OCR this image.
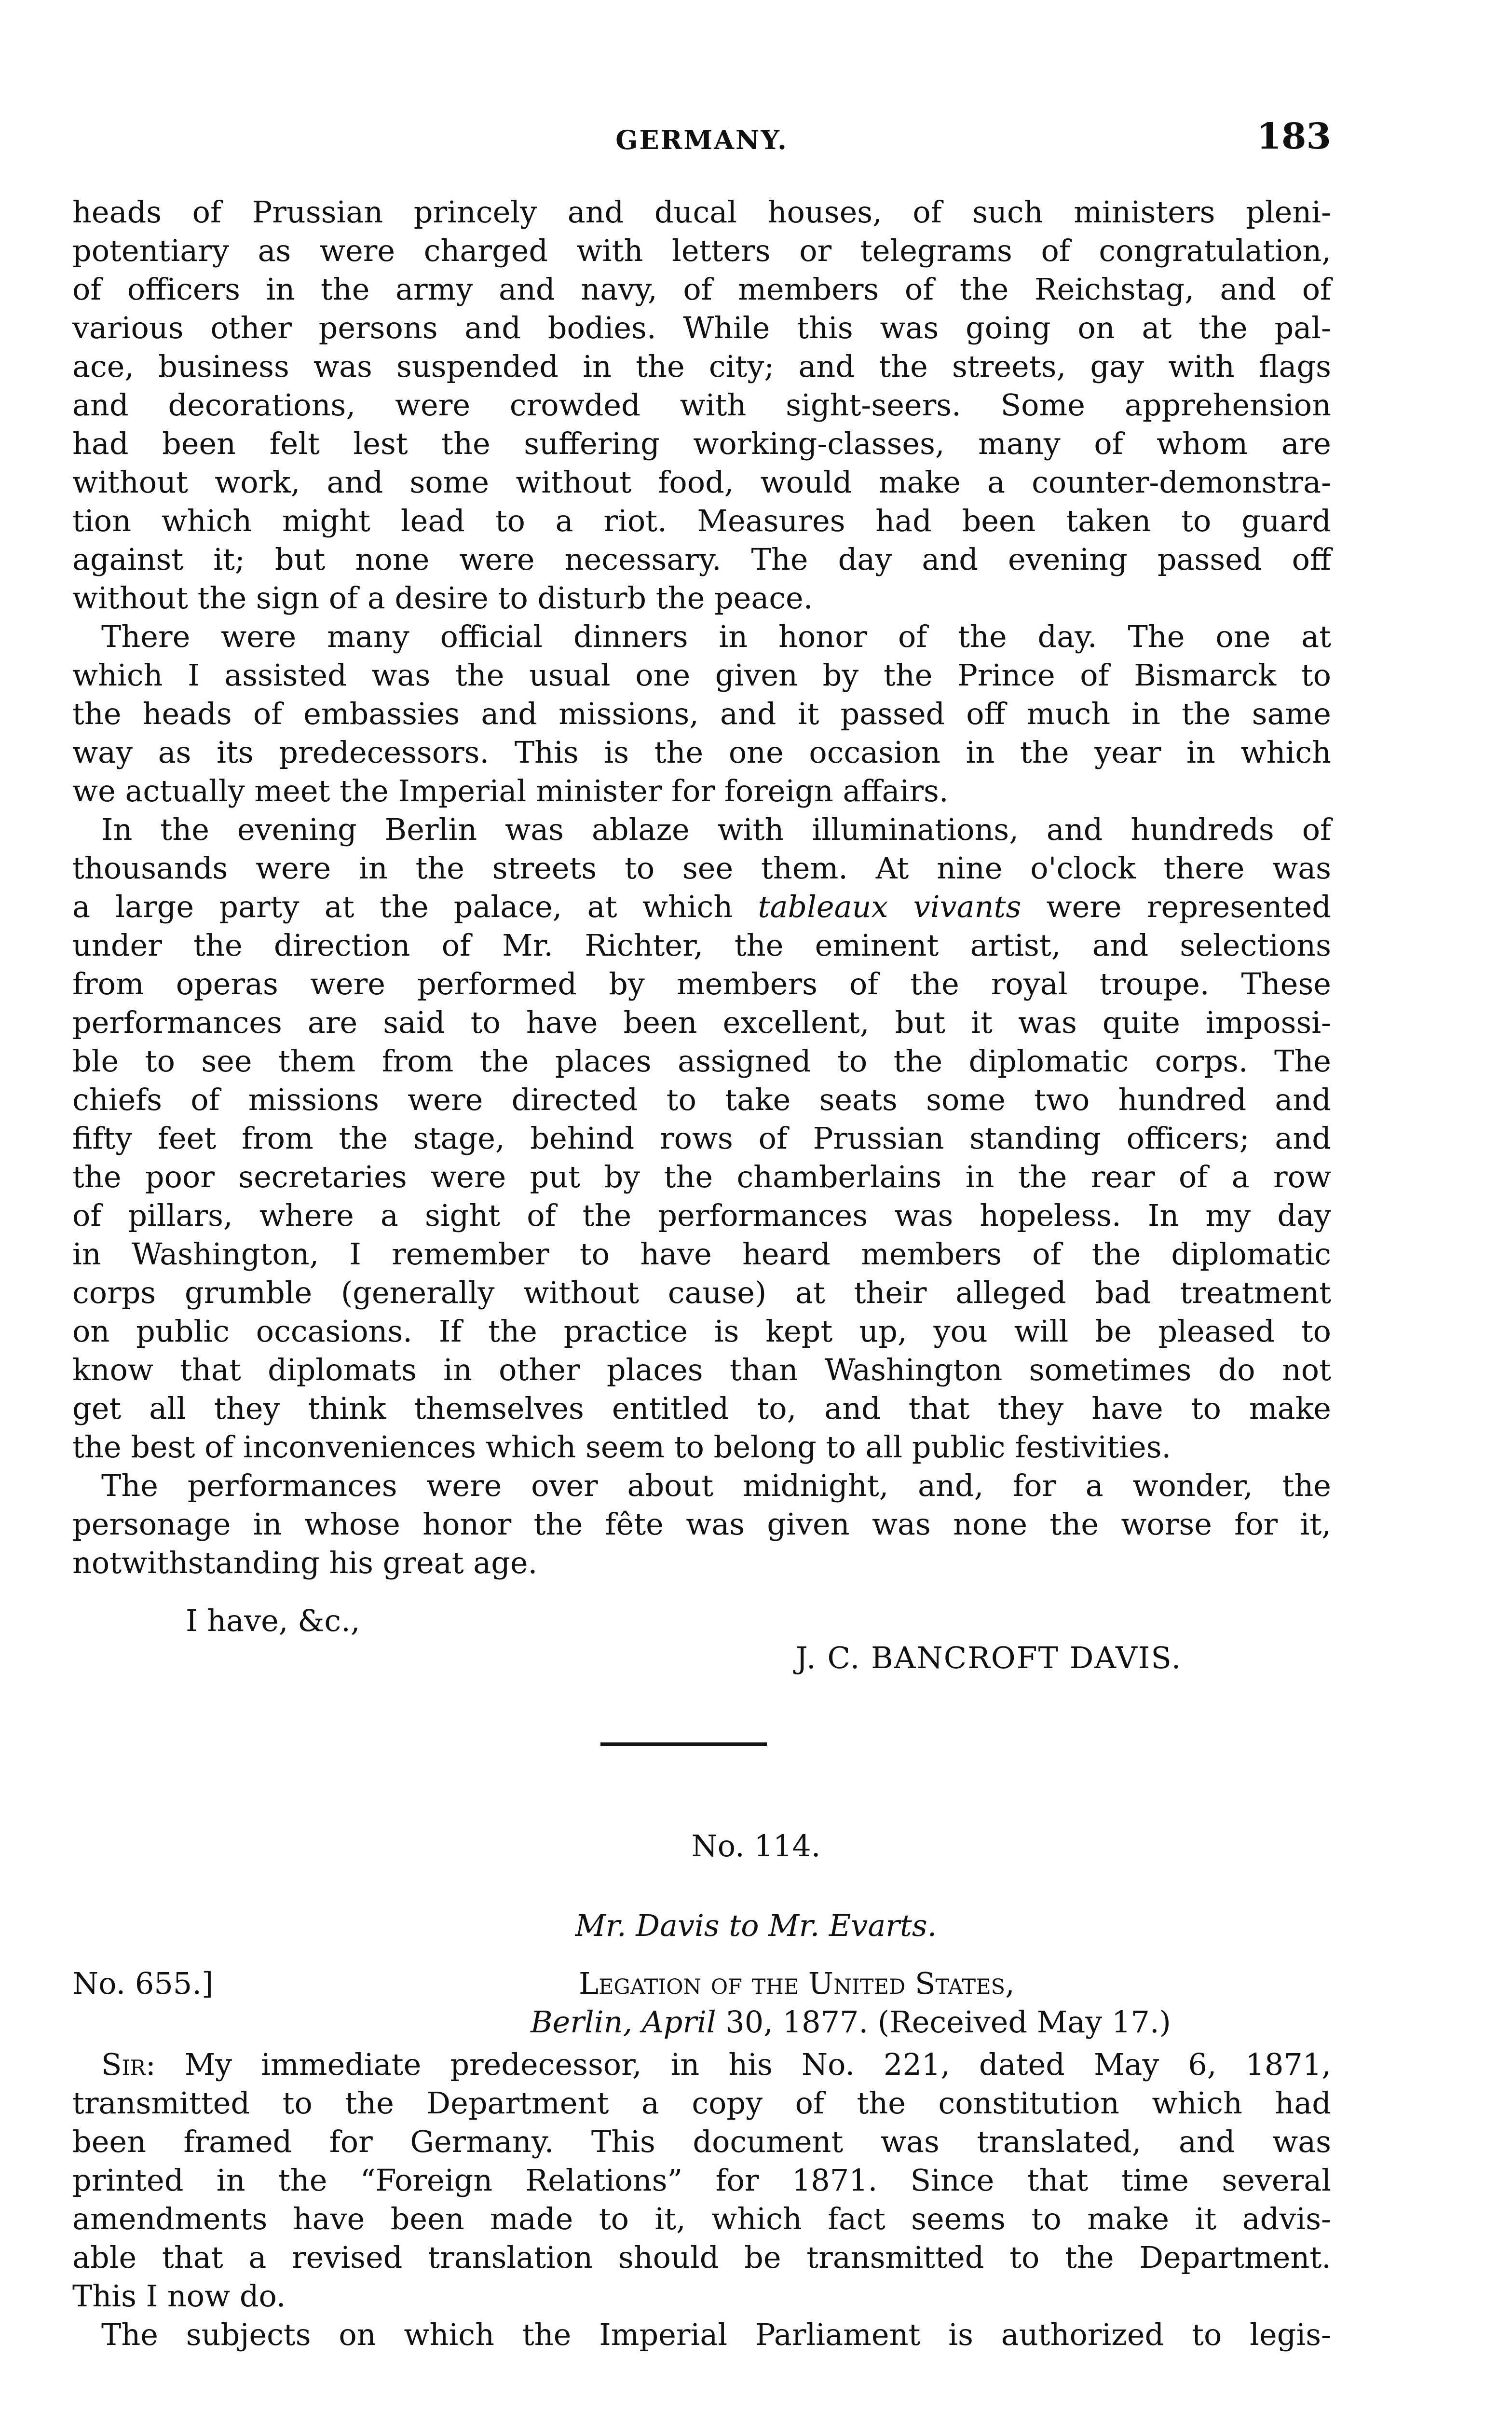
GERMANY.	183
heads of Prussian princely and ducal houses, of such ministers pleni-
potentiary as were charged with letters or telegrams of congratulation,
of officers in the army and navy, of members of the Reichstag, and of
various other persons and bodies. While this was going on at the pal-
ace, business was suspended in the city; and the streets, gay with flags
and decorations, were crowded with sight-seers. Some apprehension
had been felt lest the suffering working-classes, many of whom are
without work, and some without food, would make a counter-demonstra-
tion which might lead to a riot. Measures had been taken to guard
against it; but none were necessary. The day and evening passed off
without the sign of a desire to disturb the peace.
There were many official dinners in honor of the day. The one at
which I assisted was the usual one given by the Prince of Bismarck to
the heads of embassies and missions, and it passed off much in the same
way as its predecessors. This is the one occasion in the year in which
we actually meet the Imperial minister for foreign affairs.
In the evening Berlin was ablaze with illuminations, and hundreds of
thousands were in the streets to see them. At nine o'clock there was
a large party at the palace, at which tableaux vivants were represented
under the direction of Mr. Richter, the eminent artist, and selections
from operas were performed by members of the royal troupe. These
performances are said to have been excellent, but it was quite impossi-
ble to see them from the places assigned to the diplomatic corps. The
chiefs of missions were directed to take seats some two hundred and
fifty feet from the stage, behind rows of Prussian standing officers; and
the poor secretaries were put by the chamberlains in the rear of a row
of pillars, where a sight of the performances was hopeless. In my day
in Washington, I remember to have heard members of the diplomatic
corps grumble (generally without cause) at their alleged bad treatment
on public occasions. If the practice is kept up, you will be pleased to
know that diplomats in other places than Washington sometimes do not
get all they think themselves entitled to, and that they have to make
the best of inconveniences which seem to belong to all public festivities.
The performances were over about midnight, and, for a wonder, the
personage in whose honor the fête was given was none the worse for it,
notwithstanding his great age.
I have, &c.,
J. C. BANCROFT DAVIS.
No. 114.
Mr. Davis to Mr. Evarts.
No. 655.]	Legation of the United States,
Berlin, April 30, 1877. (Received May 17.)
Sir: My immediate predecessor, in his No. 221, dated May 6, 1871,
transmitted to the Department a copy of the constitution which had
been framed for Germany. This document was translated, and was
printed in the “Foreign Relations” for 1871. Since that time several
amendments have been made to it, which fact seems to make it advis-
able that a revised translation should be transmitted to the Department.
This I now do.
The subjects on which the Imperial Parliament is authorized to legis-
